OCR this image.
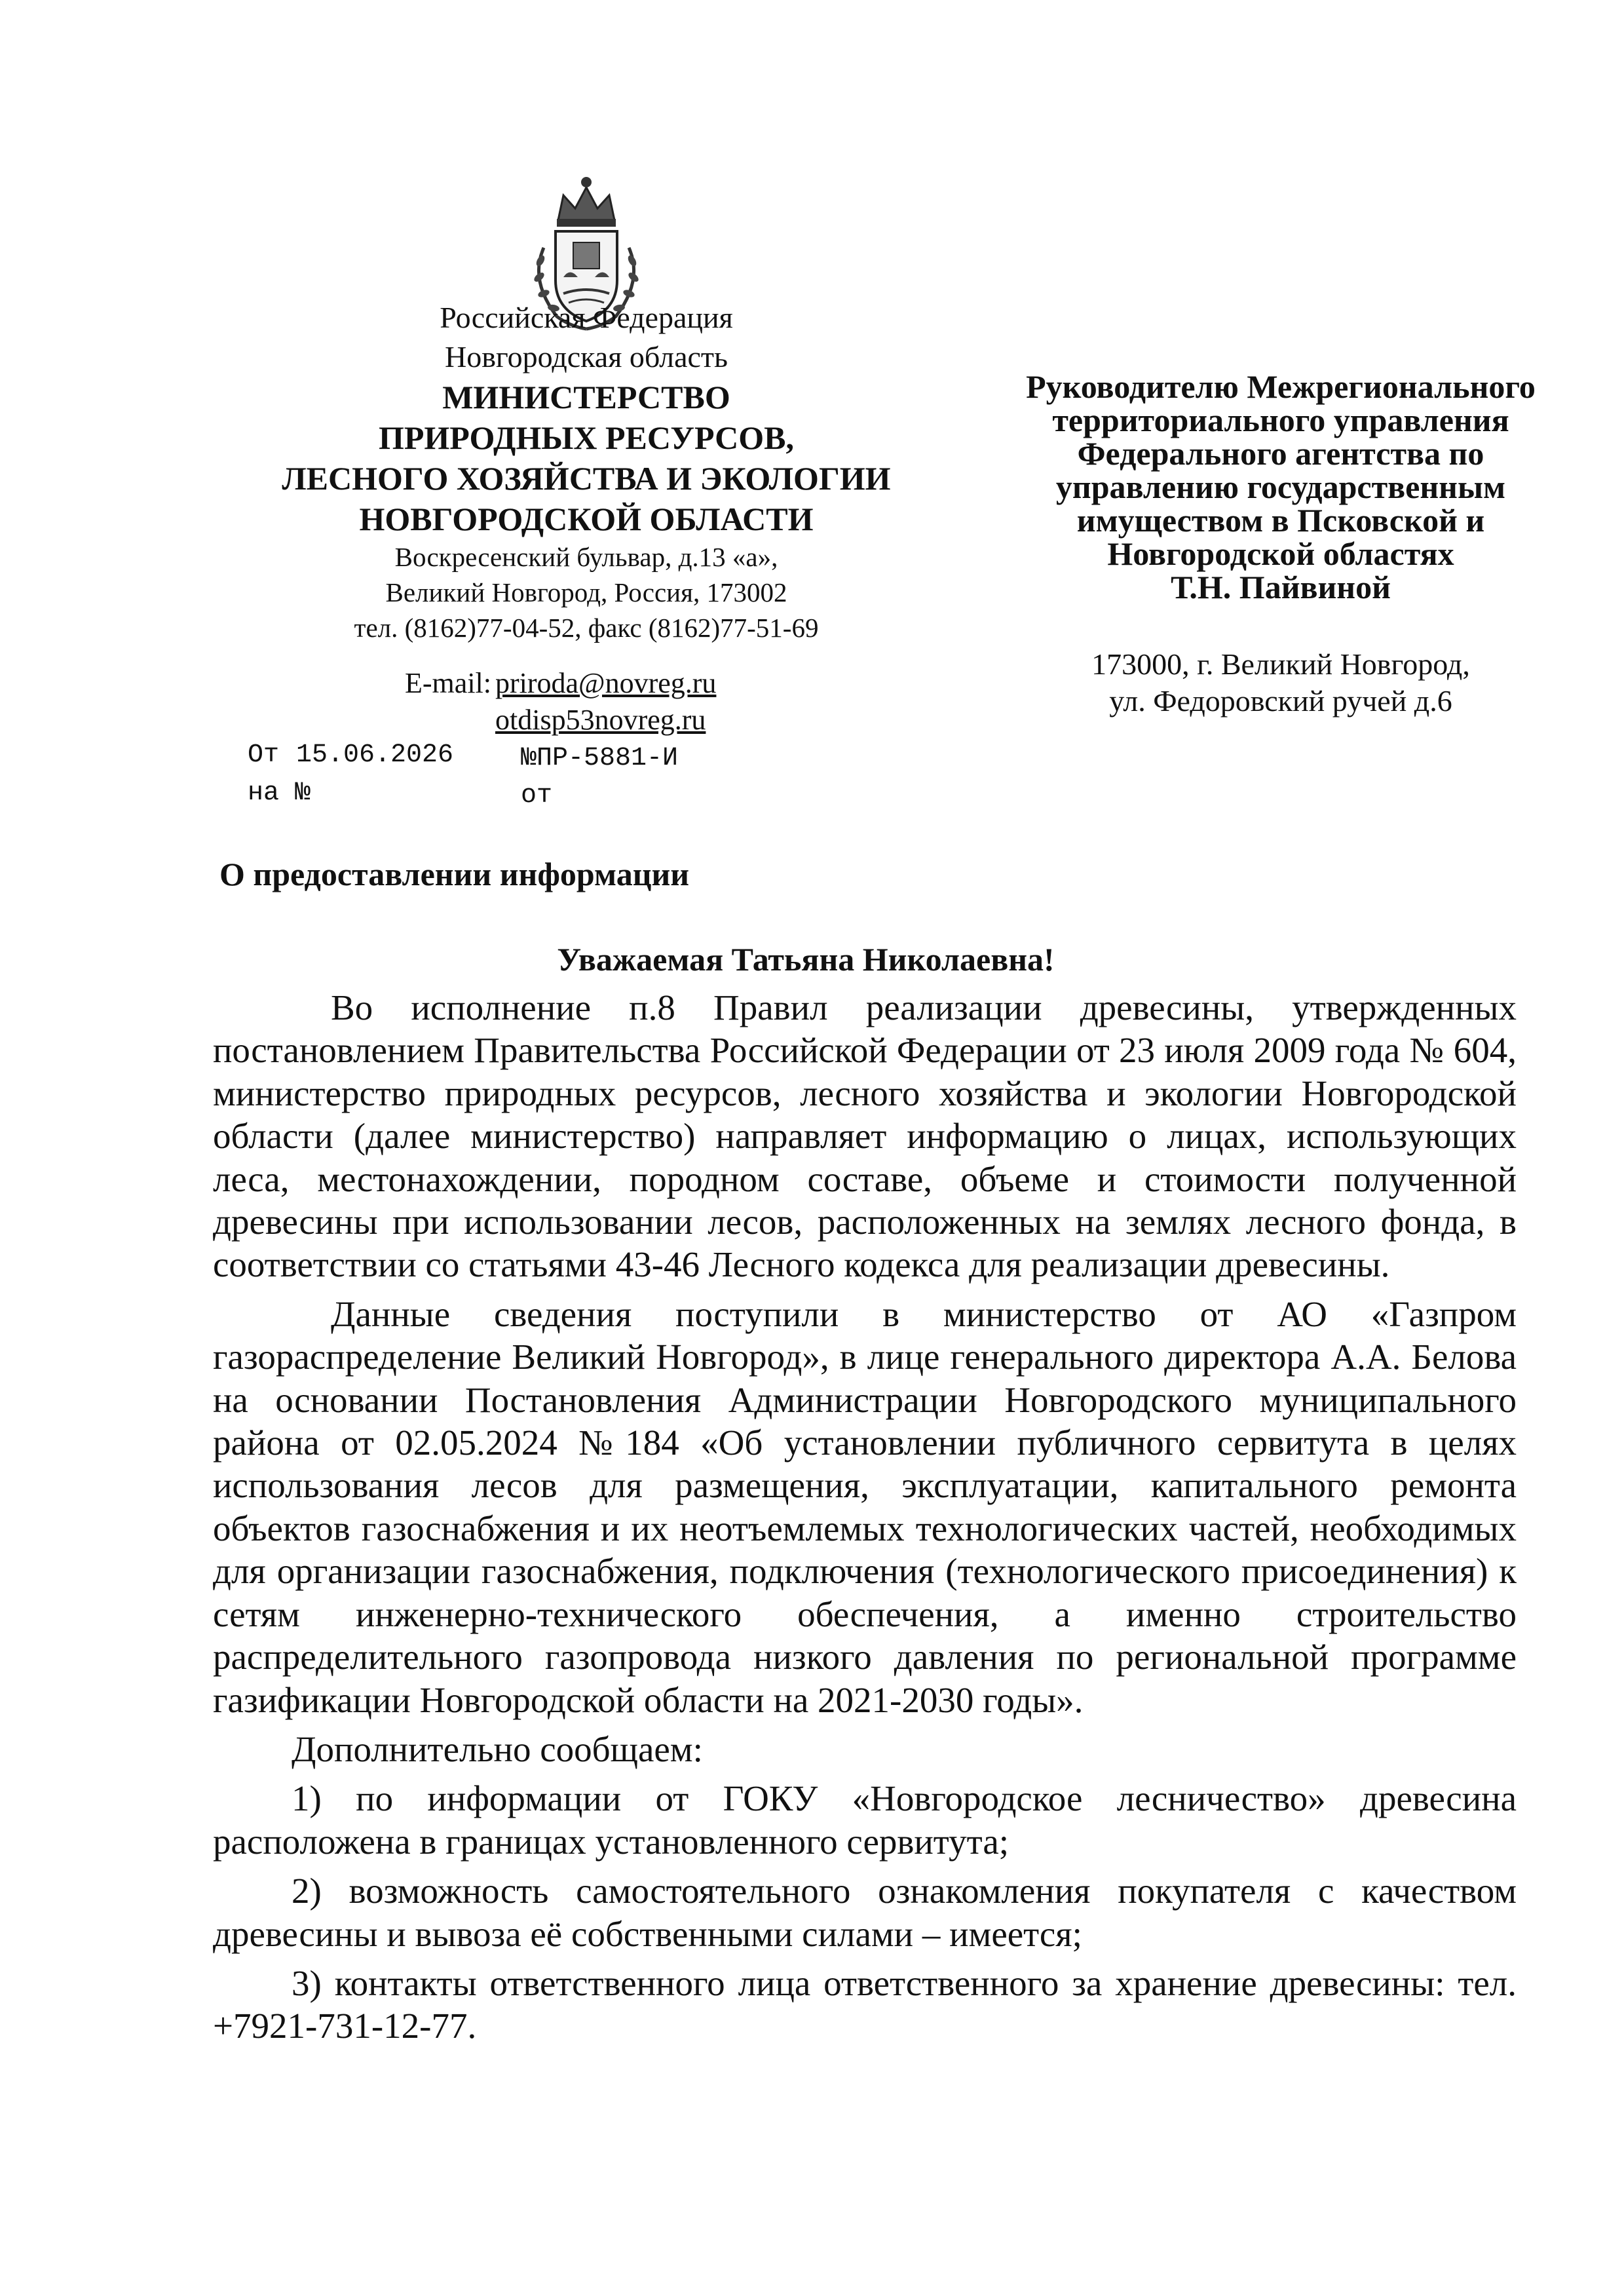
Российская Федерация
Новгородская область
МИНИСТЕРСТВО
ПРИРОДНЫХ РЕСУРСОВ,
ЛЕСНОГО ХОЗЯЙСТВА И ЭКОЛОГИИ
НОВГОРОДСКОЙ ОБЛАСТИ
Воскресенский бульвар, д.13 «а»,
Великий Новгород, Россия, 173002
тел. (8162)77-04-52, факс (8162)77-51-69
E-mail: priroda@novreg.ru
otdisp53novreg.ru
От 15.06.2026	№ПР-5881-И
на №	от
Руководителю Межрегионального
территориального управления
Федерального агентства по
управлению государственным
имуществом в Псковской и
Новгородской областях
Т.Н. Пайвиной
173000, г. Великий Новгород,
ул. Федоровский ручей д.6
О предоставлении информации
Уважаемая Татьяна Николаевна!

Во исполнение п.8 Правил реализации древесины, утвержденных постановлением Правительства Российской Федерации от 23 июля 2009 года № 604, министерство природных ресурсов, лесного хозяйства и экологии Новгородской области (далее министерство) направляет информацию о лицах, использующих леса, местонахождении, породном составе, объеме и стоимости полученной древесины при использовании лесов, расположенных на землях лесного фонда, в соответствии со статьями 43-46 Лесного кодекса для реализации древесины.

Данные сведения поступили в министерство от АО «Газпром газораспределение Великий Новгород», в лице генерального директора А.А. Белова на основании Постановления Администрации Новгородского муниципального района от 02.05.2024 №184 «Об установлении публичного сервитута в целях использования лесов для размещения, эксплуатации, капитального ремонта объектов газоснабжения и их неотъемлемых технологических частей, необходимых для организации газоснабжения, подключения (технологического присоединения) к сетям инженерно-технического обеспечения, а именно строительство распределительного газопровода низкого давления по региональной программе газификации Новгородской области на 2021-2030 годы».

Дополнительно сообщаем:

1) по информации от ГОКУ «Новгородское лесничество» древесина расположена в границах установленного сервитута;

2) возможность самостоятельного ознакомления покупателя с качеством древесины и вывоза её собственными силами – имеется;

3) контакты ответственного лица ответственного за хранение древесины: тел. +7921-731-12-77.
